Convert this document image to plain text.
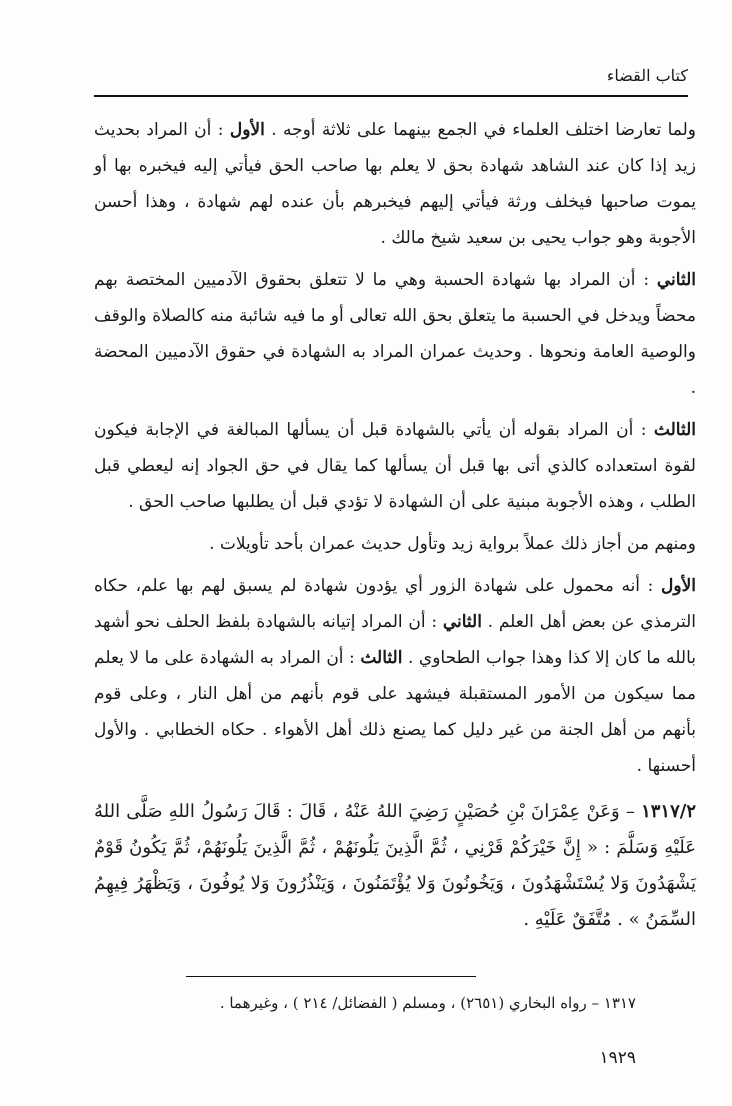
كتاب القضاء

ولما تعارضا اختلف العلماء في الجمع بينهما على ثلاثة أوجه . الأول : أن المراد بحديث زيد إذا كان عند الشاهد شهادة بحق لا يعلم بها صاحب الحق فيأتي إليه فيخبره بها أو يموت صاحبها فيخلف ورثة فيأتي إليهم فيخبرهم بأن عنده لهم شهادة ، وهذا أحسن الأجوبة وهو جواب يحيى بن سعيد شيخ مالك .

الثاني : أن المراد بها شهادة الحسبة وهي ما لا تتعلق بحقوق الآدميين المختصة بهم محضاً ويدخل في الحسبة ما يتعلق بحق الله تعالى أو ما فيه شائبة منه كالصلاة والوقف والوصية العامة ونحوها . وحديث عمران المراد به الشهادة في حقوق الآدميين المحضة .

الثالث : أن المراد بقوله أن يأتي بالشهادة قبل أن يسألها المبالغة في الإجابة فيكون لقوة استعداده كالذي أتى بها قبل أن يسألها كما يقال في حق الجواد إنه ليعطي قبل الطلب ، وهذه الأجوبة مبنية على أن الشهادة لا تؤدي قبل أن يطلبها صاحب الحق .

ومنهم من أجاز ذلك عملاً برواية زيد وتأول حديث عمران بأحد تأويلات .

الأول : أنه محمول على شهادة الزور أي يؤدون شهادة لم يسبق لهم بها علم، حكاه الترمذي عن بعض أهل العلم . الثاني : أن المراد إتيانه بالشهادة بلفظ الحلف نحو أشهد بالله ما كان إلا كذا وهذا جواب الطحاوي . الثالث : أن المراد به الشهادة على ما لا يعلم مما سيكون من الأمور المستقبلة فيشهد على قوم بأنهم من أهل النار ، وعلى قوم بأنهم من أهل الجنة من غير دليل كما يصنع ذلك أهل الأهواء . حكاه الخطابي . والأول أحسنها .

١٣١٧/٢ – وَعَنْ عِمْرَانَ بْنِ حُصَيْنٍ رَضِيَ اللهُ عَنْهُ ، قَالَ : قَالَ رَسُولُ اللهِ صَلَّى اللهُ عَلَيْهِ وَسَلَّمَ : « إِنَّ خَيْرَكُمْ قَرْنِي ، ثُمَّ الَّذِينَ يَلُونَهُمْ ، ثُمَّ الَّذِينَ يَلُونَهُمْ، ثُمَّ يَكُونُ قَوْمٌ يَشْهَدُونَ وَلا يُسْتَشْهَدُونَ ، وَيَخُونُونَ وَلا يُؤْتَمَنُونَ ، وَيَنْذُرُونَ وَلا يُوفُونَ ، وَيَظْهَرُ فِيهِمُ السِّمَنُ » . مُتَّفَقٌ عَلَيْهِ .

١٣١٧ – رواه البخاري (٢٦٥١) ، ومسلم ( الفضائل/ ٢١٤ ) ، وغيرهما .
١٩٢٩
